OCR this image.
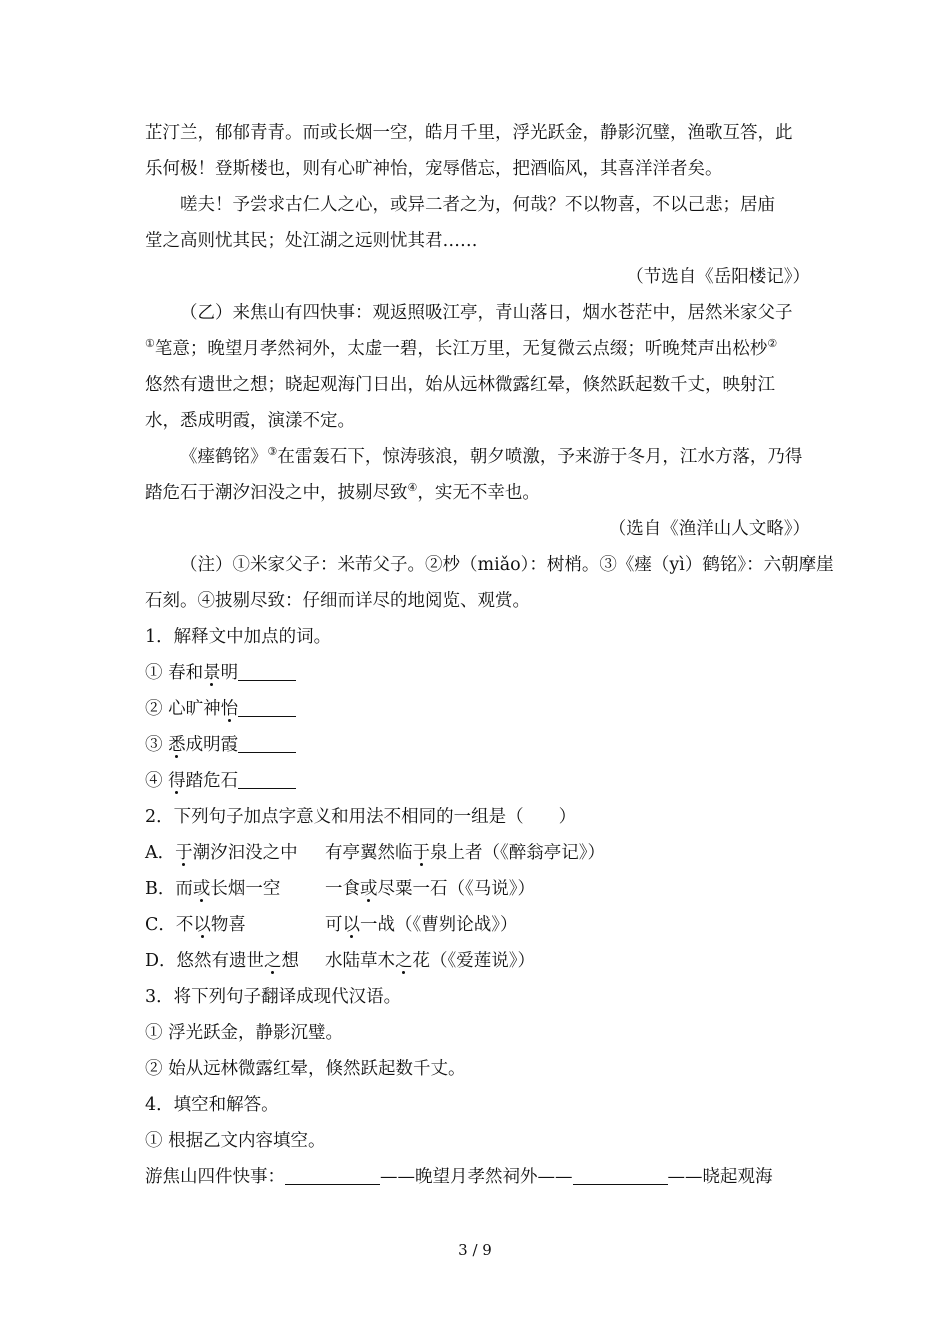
芷汀兰，郁郁青青。而或长烟一空，皓月千里，浮光跃金，静影沉璧，渔歌互答，此
乐何极！登斯楼也，则有心旷神怡，宠辱偕忘，把酒临风，其喜洋洋者矣。
嗟夫！予尝求古仁人之心，或异二者之为，何哉？不以物喜，不以己悲；居庙
堂之高则忧其民；处江湖之远则忧其君……
（节选自《岳阳楼记》）
（乙）来焦山有四快事：观返照吸江亭，青山落日，烟水苍茫中，居然米家父子
①笔意；晚望月孝然祠外，太虚一碧，长江万里，无复微云点缀；听晚梵声出松杪②
悠然有遗世之想；晓起观海门日出，始从远林微露红晕，倏然跃起数千丈，映射江
水，悉成明霞，演漾不定。
《瘗鹤铭》③在雷轰石下，惊涛骇浪，朝夕喷激，予来游于冬月，江水方落，乃得
踏危石于潮汐汩没之中，披剔尽致④，实无不幸也。
（选自《渔洋山人文略》）
（注）①米家父子：米芾父子。②杪（miǎo）：树梢。③《瘗（yì）鹤铭》：六朝摩崖
石刻。④披剔尽致：仔细而详尽的地阅览、观赏。
1．解释文中加点的词。
① 春和景明
② 心旷神怡
③ 悉成明霞
④ 得踏危石
2．下列句子加点字意义和用法不相同的一组是（　　）
A．于潮汐汩没之中 有亭翼然临于泉上者（《醉翁亭记》）
B．而或长烟一空	一食或尽粟一石（《马说》）
C．不以物喜	可以一战（《曹刿论战》）
D．悠然有遗世之想 水陆草木之花（《爱莲说》）
3．将下列句子翻译成现代汉语。
① 浮光跃金，静影沉璧。
② 始从远林微露红晕，倏然跃起数千丈。
4．填空和解答。
① 根据乙文内容填空。
游焦山四件快事：	——晚望月孝然祠外——	——晓起观海
3 / 9
